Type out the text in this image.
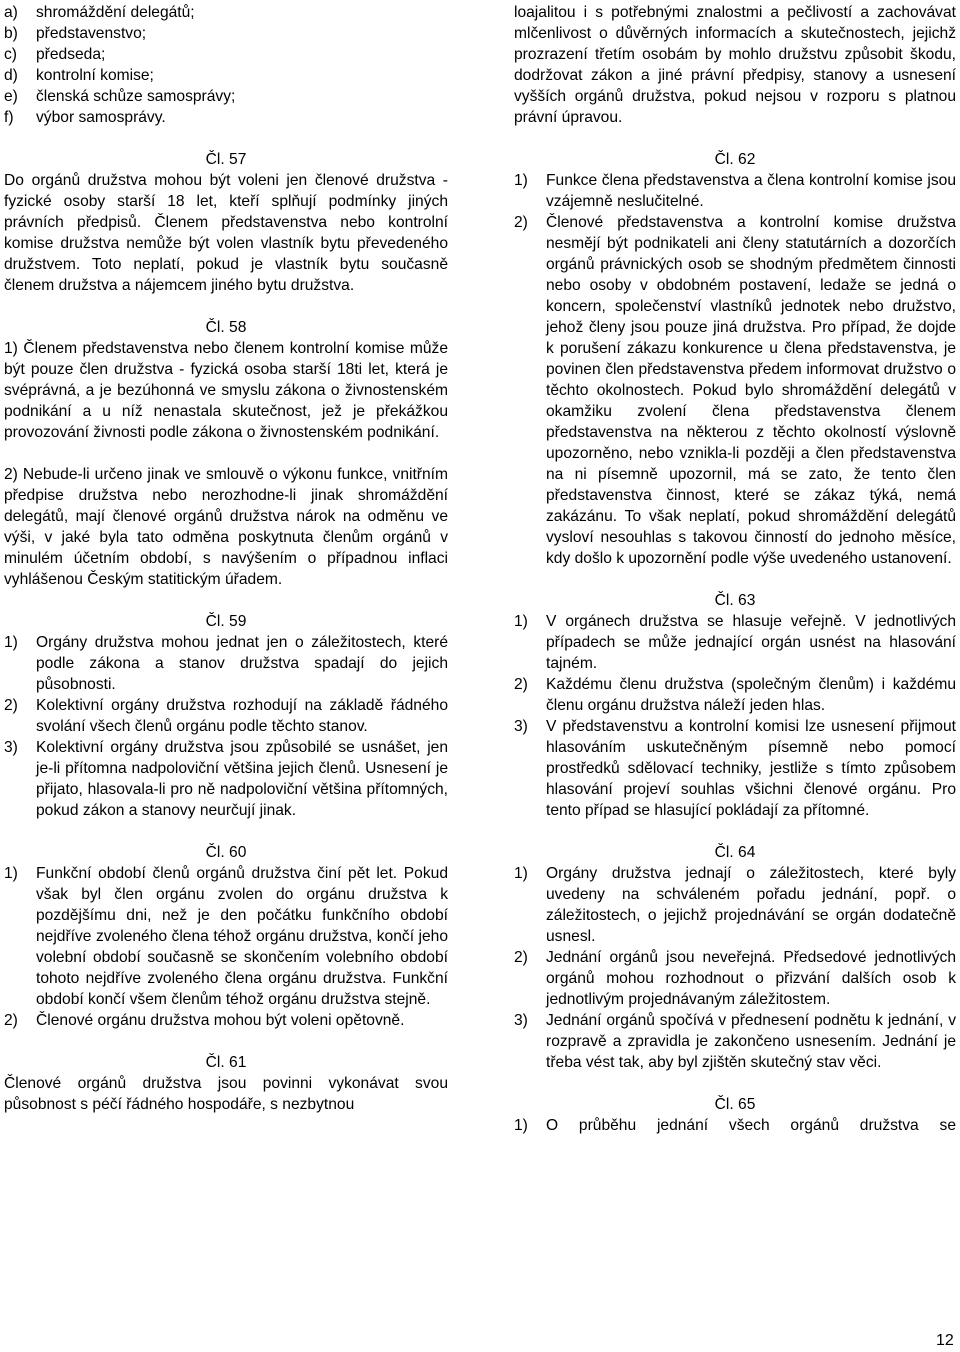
a)	shromáždění delegátů;
b)	představenstvo;
c)	předseda;
d)	kontrolní komise;
e)	členská schůze samosprávy;
f)	výbor samosprávy.

Čl. 57

Do orgánů družstva mohou být voleni jen členové družstva - fyzické osoby starší 18 let, kteří splňují podmínky jiných právních předpisů. Členem představenstva nebo kontrolní komise družstva nemůže být volen vlastník bytu převedeného družstvem. Toto neplatí, pokud je vlastník bytu současně členem družstva a nájemcem jiného bytu družstva.

Čl. 58

1) Členem představenstva nebo členem kontrolní komise může být pouze člen družstva - fyzická osoba starší 18ti let, která je svéprávná, a je bezúhonná ve smyslu zákona o živnostenském podnikání a u níž nenastala skutečnost, jež je překážkou provozování živnosti podle zákona o živnostenském podnikání.

2) Nebude-li určeno jinak ve smlouvě o výkonu funkce, vnitřním předpise družstva nebo nerozhodne-li jinak shromáždění delegátů, mají členové orgánů družstva nárok na odměnu ve výši, v jaké byla tato odměna poskytnuta členům orgánů v minulém účetním období, s navýšením o případnou inflaci vyhlášenou Českým statitickým úřadem.

Čl. 59

1)	Orgány družstva mohou jednat jen o záležitostech, které podle zákona a stanov družstva spadají do jejich působnosti.
2)	Kolektivní orgány družstva rozhodují na základě řádného svolání všech členů orgánu podle těchto stanov.
3)	Kolektivní orgány družstva jsou způsobilé se usnášet, jen je-li přítomna nadpoloviční většina jejich členů. Usnesení je přijato, hlasovala-li pro ně nadpoloviční většina přítomných, pokud zákon a stanovy neurčují jinak.

Čl. 60

1)	Funkční období členů orgánů družstva činí pět let. Pokud však byl člen orgánu zvolen do orgánu družstva k pozdějšímu dni, než je den počátku funkčního období nejdříve zvoleného člena téhož orgánu družstva, končí jeho volební období současně se skončením volebního období tohoto nejdříve zvoleného člena orgánu družstva. Funkční období končí všem členům téhož orgánu družstva stejně.
2)	Členové orgánu družstva mohou být voleni opětovně.

Čl. 61

Členové orgánů družstva jsou povinni vykonávat svou působnost s péčí řádného hospodáře, s nezbytnou

loajalitou i s potřebnými znalostmi a pečlivostí a zachovávat mlčenlivost o důvěrných informacích a skutečnostech, jejichž prozrazení třetím osobám by mohlo družstvu způsobit škodu, dodržovat zákon a jiné právní předpisy, stanovy a usnesení vyšších orgánů družstva, pokud nejsou v rozporu s platnou právní úpravou.

Čl. 62

1)	Funkce člena představenstva a člena kontrolní komise jsou vzájemně neslučitelné.
2)	Členové představenstva a kontrolní komise družstva nesmějí být podnikateli ani členy statutárních a dozorčích orgánů právnických osob se shodným předmětem činnosti nebo osoby v obdobném postavení, ledaže se jedná o koncern, společenství vlastníků jednotek nebo družstvo, jehož členy jsou pouze jiná družstva. Pro případ, že dojde k porušení zákazu konkurence u člena představenstva, je povinen člen představenstva předem informovat družstvo o těchto okolnostech. Pokud bylo shromáždění delegátů v okamžiku zvolení člena představenstva členem představenstva na některou z těchto okolností výslovně upozorněno, nebo vznikla-li později a člen představenstva na ni písemně upozornil, má se zato, že tento člen představenstva činnost, které se zákaz týká, nemá zakázánu. To však neplatí, pokud shromáždění delegátů vysloví nesouhlas s takovou činností do jednoho měsíce, kdy došlo k upozornění podle výše uvedeného ustanovení.

Čl. 63

1)	V orgánech družstva se hlasuje veřejně. V jednotlivých případech se může jednající orgán usnést na hlasování tajném.
2)	Každému členu družstva (společným členům) i každému členu orgánu družstva náleží jeden hlas.
3)	V představenstvu a kontrolní komisi lze usnesení přijmout hlasováním uskutečněným písemně nebo pomocí prostředků sdělovací techniky, jestliže s tímto způsobem hlasování projeví souhlas všichni členové orgánu. Pro tento případ se hlasující pokládají za přítomné.

Čl. 64

1)	Orgány družstva jednají o záležitostech, které byly uvedeny na schváleném pořadu jednání, popř. o záležitostech, o jejichž projednávání se orgán dodatečně usnesl.
2)	Jednání orgánů jsou neveřejná. Předsedové jednotlivých orgánů mohou rozhodnout o přizvání dalších osob k jednotlivým projednávaným záležitostem.
3)	Jednání orgánů spočívá v přednesení podnětu k jednání, v rozpravě a zpravidla je zakončeno usnesením. Jednání je třeba vést tak, aby byl zjištěn skutečný stav věci.

Čl. 65

1)	O průběhu jednání všech orgánů družstva se
12
